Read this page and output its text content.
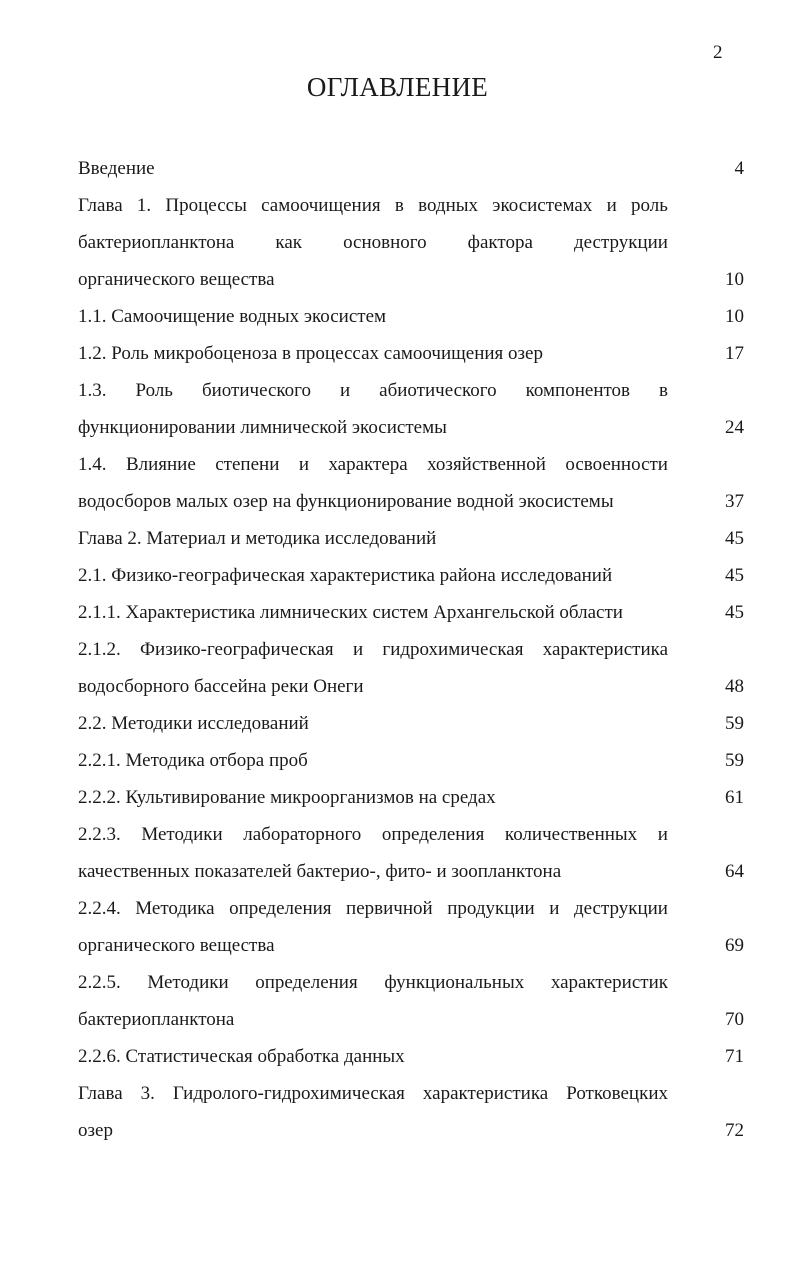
2
ОГЛАВЛЕНИЕ
Введение	4
Глава 1. Процессы самоочищения в водных экосистемах и роль
бактериопланктона как основного фактора деструкции
органического вещества	10
1.1. Самоочищение водных экосистем	10
1.2. Роль микробоценоза в процессах самоочищения озер	17
1.3. Роль биотического и абиотического компонентов в
функционировании лимнической экосистемы	24
1.4. Влияние степени и характера хозяйственной освоенности
водосборов малых озер на функционирование водной экосистемы	37
Глава 2. Материал и методика исследований	45
2.1. Физико-географическая характеристика района исследований	45
2.1.1. Характеристика лимнических систем Архангельской области	45
2.1.2. Физико-географическая и гидрохимическая характеристика
водосборного бассейна реки Онеги	48
2.2. Методики исследований	59
2.2.1. Методика отбора проб	59
2.2.2. Культивирование микроорганизмов на средах	61
2.2.3. Методики лабораторного определения количественных и
качественных показателей бактерио-, фито- и зоопланктона	64
2.2.4. Методика определения первичной продукции и деструкции
органического вещества	69
2.2.5. Методики определения функциональных характеристик
бактериопланктона	70
2.2.6. Статистическая обработка данных	71
Глава 3. Гидролого-гидрохимическая характеристика Ротковецких
озер	72
